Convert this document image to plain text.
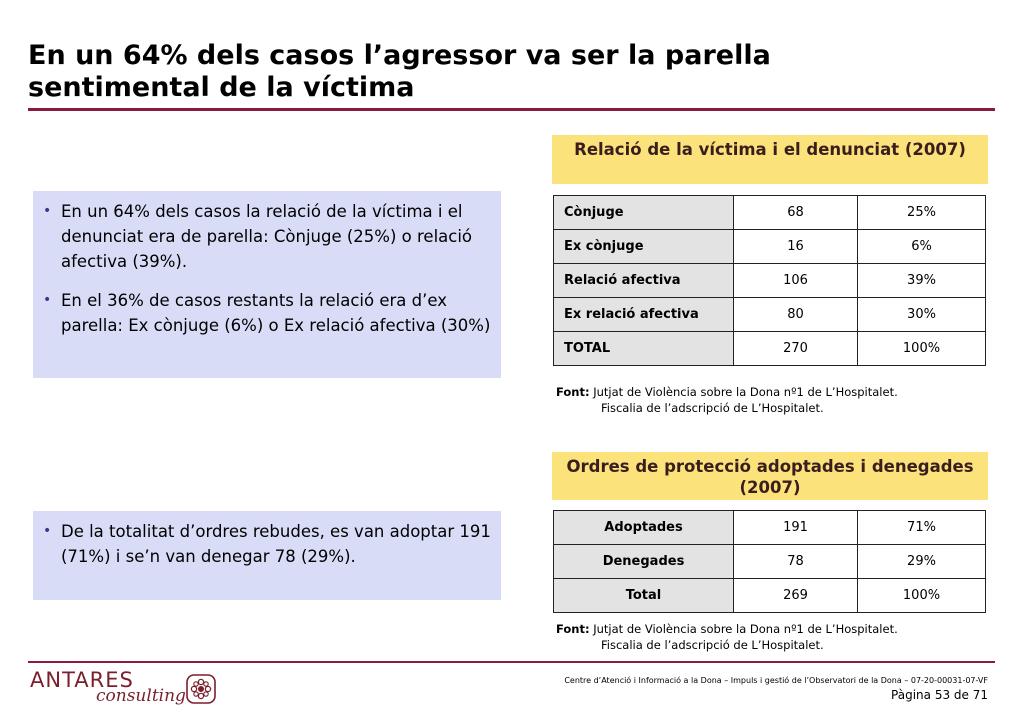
En un 64% dels casos l’agressor va ser la parella
sentimental de la víctima
• En un 64% dels casos la relació de la víctima i el denunciat era de parella: Cònjuge (25%) o relació afectiva (39%).
• En el 36% de casos restants la relació era d’ex parella: Ex cònjuge (6%) o Ex relació afectiva (30%)
• De la totalitat d’ordres rebudes, es van adoptar 191 (71%) i se’n van denegar 78 (29%).
Relació de la víctima i el denunciat (2007)
Cònjuge	68	25%
Ex cònjuge	16	6%
Relació afectiva	106	39%
Ex relació afectiva	80	30%
TOTAL	270	100%
Font: Jutjat de Violència sobre la Dona nº1 de L’Hospitalet.
Fiscalia de l’adscripció de L’Hospitalet.
Ordres de protecció adoptades i denegades (2007)
Adoptades	191	71%
Denegades	78	29%
Total	269	100%
Font: Jutjat de Violència sobre la Dona nº1 de L’Hospitalet.
Fiscalia de l’adscripció de L’Hospitalet.
ANTARES
consulting
Centre d’Atenció i Informació a la Dona – Impuls i gestió de l’Observatori de la Dona – 07-20-00031-07-VF
Pàgina 53 de 71
